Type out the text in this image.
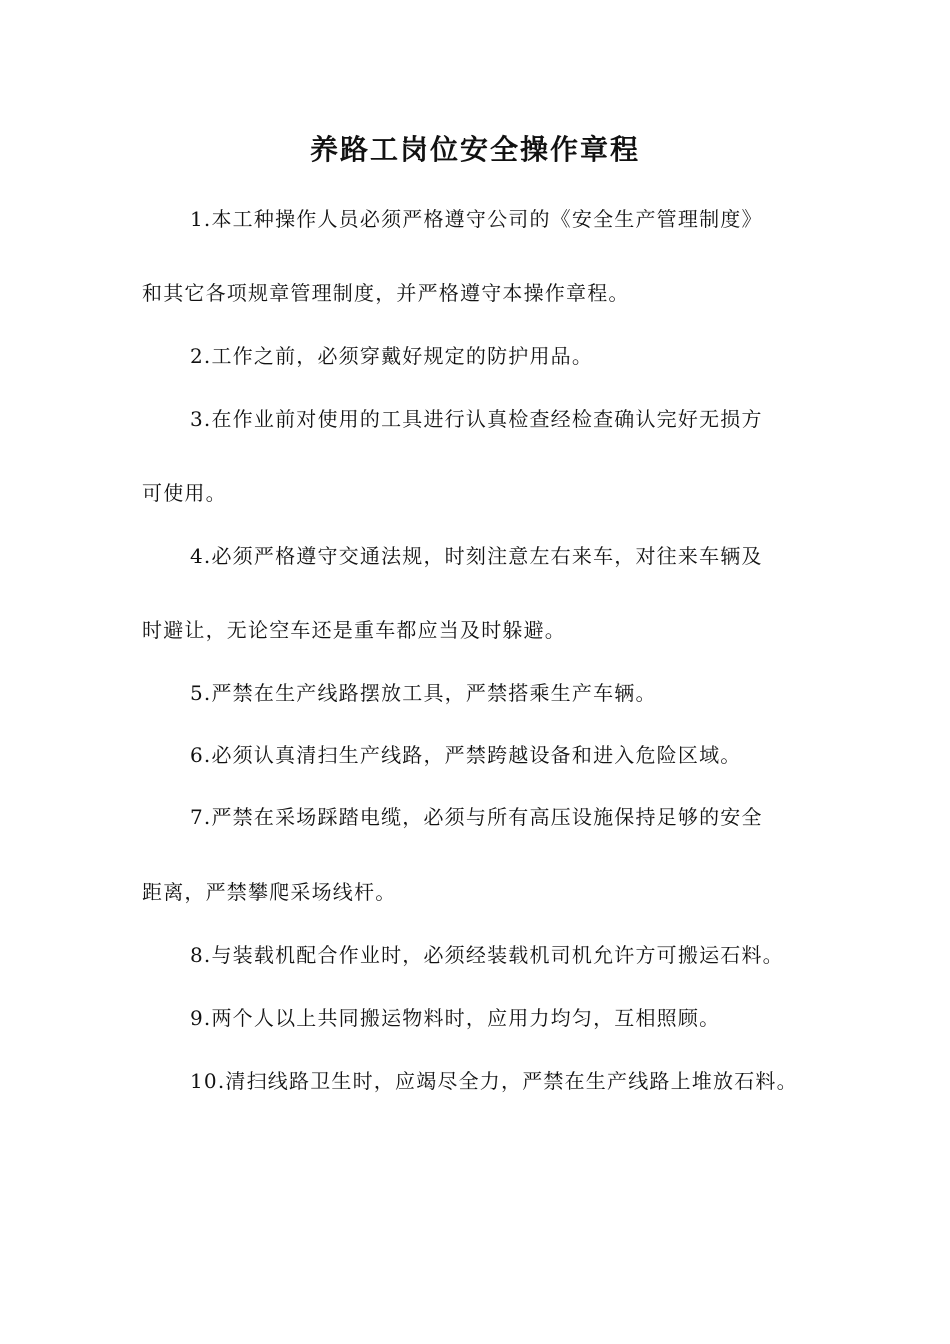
养路工岗位安全操作章程
1.本工种操作人员必须严格遵守公司的《安全生产管理制度》
和其它各项规章管理制度，并严格遵守本操作章程。
2.工作之前，必须穿戴好规定的防护用品。
3.在作业前对使用的工具进行认真检查经检查确认完好无损方
可使用。
4.必须严格遵守交通法规，时刻注意左右来车，对往来车辆及
时避让，无论空车还是重车都应当及时躲避。
5.严禁在生产线路摆放工具，严禁搭乘生产车辆。
6.必须认真清扫生产线路，严禁跨越设备和进入危险区域。
7.严禁在采场踩踏电缆，必须与所有高压设施保持足够的安全
距离，严禁攀爬采场线杆。
8.与装载机配合作业时，必须经装载机司机允许方可搬运石料。
9.两个人以上共同搬运物料时，应用力均匀，互相照顾。
10.清扫线路卫生时，应竭尽全力，严禁在生产线路上堆放石料。
